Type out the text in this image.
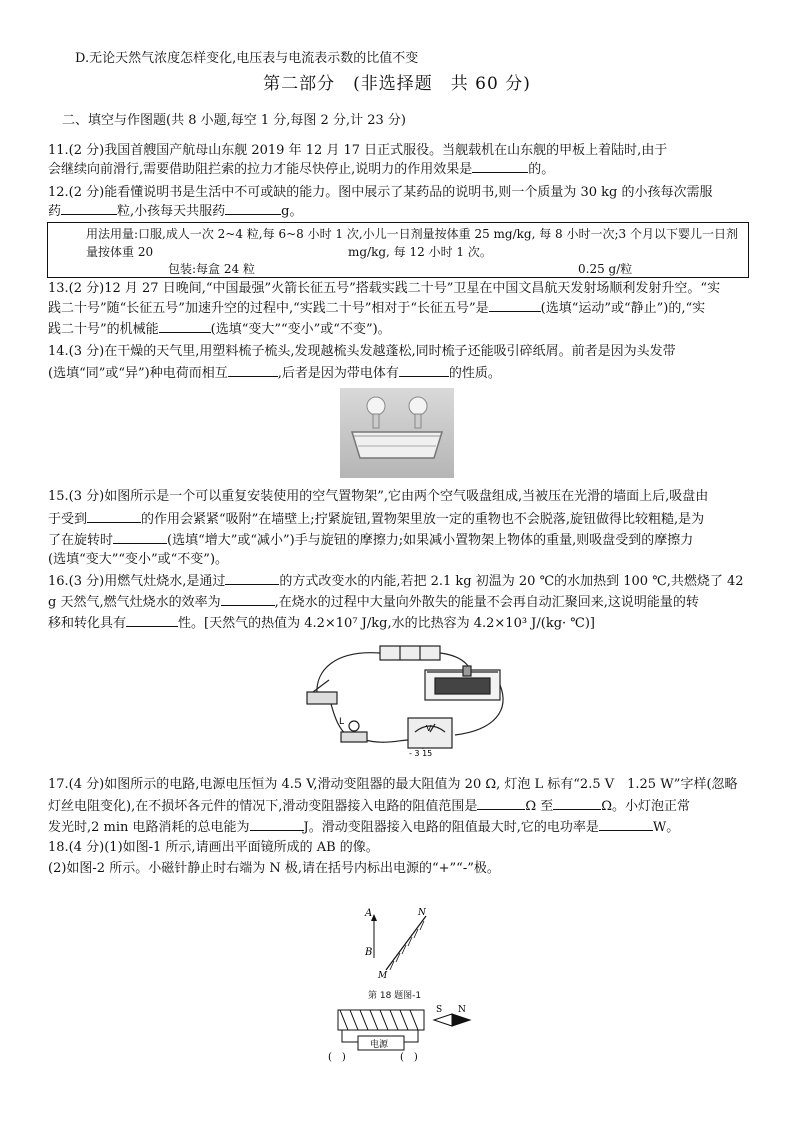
D.无论天然气浓度怎样变化,电压表与电流表示数的比值不变
第二部分　(非选择题　共 60 分)
二、填空与作图题(共 8 小题,每空 1 分,每图 2 分,计 23 分)
11.(2 分)我国首艘国产航母山东舰 2019 年 12 月 17 日正式服役。当舰载机在山东舰的甲板上着陆时,由于
会继续向前滑行,需要借助阻拦索的拉力才能尽快停止,说明力的作用效果是	的。
12.(2 分)能看懂说明书是生活中不可或缺的能力。图中展示了某药品的说明书,则一个质量为 30 kg 的小孩每次需服
药	粒,小孩每天共服药	g。
用法用量:口服,成人一次 2~4 粒,每 6~8 小时 1 次,小儿一日剂量按体重 25 mg/kg, 每 8 小时一次;3 个月以下婴儿一日剂量按体重 20	mg/kg, 每 12 小时 1 次。
包装:每盒 24 粒	0.25 g/粒
13.(2 分)12 月 27 日晚间,“中国最强”火箭长征五号”搭载实践二十号”卫星在中国文昌航天发射场顺利发射升空。“实
践二十号”随“长征五号”加速升空的过程中,“实践二十号”相对于“长征五号”是	(选填“运动”或“静止”)的,“实
践二十号”的机械能	(选填“变大”“变小”或“不变”)。
14.(3 分)在干燥的天气里,用塑料梳子梳头,发现越梳头发越蓬松,同时梳子还能吸引碎纸屑。前者是因为头发带
(选填“同”或“异”)种电荷而相互	,后者是因为带电体有	的性质。
15.(3 分)如图所示是一个可以重复安装使用的空气置物架”,它由两个空气吸盘组成,当被压在光滑的墙面上后,吸盘由
于受到	的作用会紧紧“吸附”在墙壁上;拧紧旋钮,置物架里放一定的重物也不会脱落,旋钮做得比较粗糙,是为
了在旋转时	(选填“增大”或“减小”)手与旋钮的摩擦力;如果减小置物架上物体的重量,则吸盘受到的摩擦力
(选填“变大”“变小”或“不变”)。
16.(3 分)用燃气灶烧水,是通过	的方式改变水的内能,若把 2.1 kg 初温为 20 ℃的水加热到 100 ℃,共燃烧了 42
g 天然气,燃气灶烧水的效率为	,在烧水的过程中大量向外散失的能量不会再自动汇聚回来,这说明能量的转
移和转化具有	性。[天然气的热值为 4.2×10⁷ J/kg,水的比热容为 4.2×10³ J/(kg· ℃)]
L
V
- 3 15
17.(4 分)如图所示的电路,电源电压恒为 4.5 V,滑动变阻器的最大阻值为 20 Ω, 灯泡 L 标有“2.5 V　1.25 W”字样(忽略
灯丝电阻变化),在不损坏各元件的情况下,滑动变阻器接入电路的阻值范围是	Ω 至	Ω。小灯泡正常
发光时,2 min 电路消耗的总电能为	J。滑动变阻器接入电路的阻值最大时,它的电功率是	W。
18.(4 分)(1)如图-1 所示,请画出平面镜所成的 AB 的像。
(2)如图-2 所示。小磁针静止时右端为 N 极,请在括号内标出电源的“+”“-”极。
A
B
M
N
第 18 题图-1
S N
电源
(　)	(　)
